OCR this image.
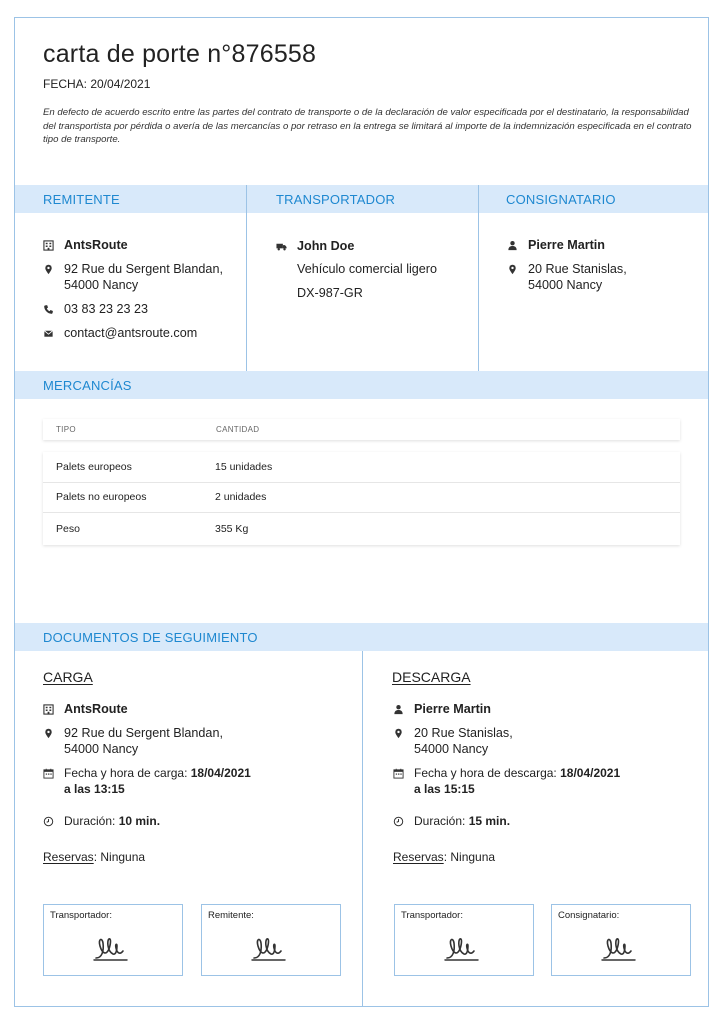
carta de porte n°876558
FECHA: 20/04/2021
En defecto de acuerdo escrito entre las partes del contrato de transporte o de la declaración de valor especificada por el destinatario, la responsabilidad del transportista por pérdida o avería de las mercancías o por retraso en la entrega se limitará al importe de la indemnización especificada en el contrato tipo de transporte.
REMITENTE	TRANSPORTADOR	CONSIGNATARIO
AntsRoute
92 Rue du Sergent Blandan,
54000 Nancy
03 83 23 23 23
contact@antsroute.com
John Doe
Vehículo comercial ligero
DX-987-GR
Pierre Martin
20 Rue Stanislas,
54000 Nancy
MERCANCÍAS
TIPO	CANTIDAD
Palets europeos	15 unidades
Palets no europeos	2 unidades
Peso	355 Kg
DOCUMENTOS DE SEGUIMIENTO
CARGA
AntsRoute
92 Rue du Sergent Blandan,
54000 Nancy
Fecha y hora de carga: 18/04/2021
a las 13:15
Duración: 10 min.
Reservas: Ninguna
Transportador:	Remitente:
DESCARGA
Pierre Martin
20 Rue Stanislas,
54000 Nancy
Fecha y hora de descarga: 18/04/2021
a las 15:15
Duración: 15 min.
Reservas: Ninguna
Transportador:	Consignatario:
